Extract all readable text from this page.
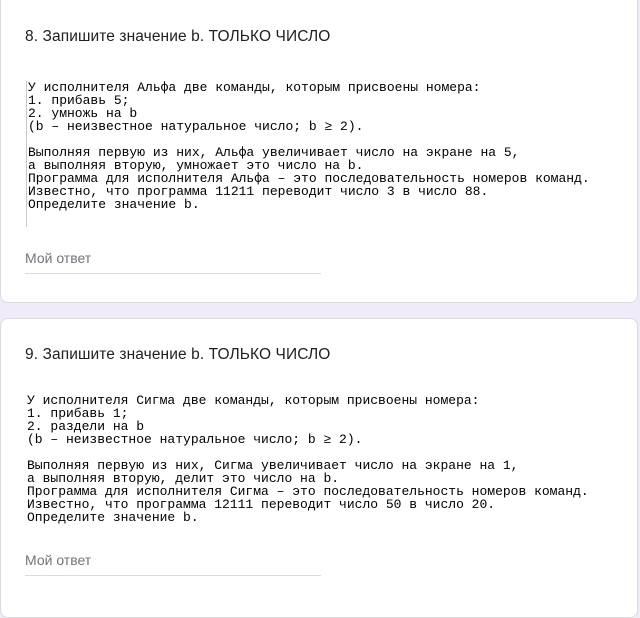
8. Запишите значение b. ТОЛЬКО ЧИСЛО
У исполнителя Альфа две команды, которым присвоены номера:
1. прибавь 5;
2. умножь на b
(b – неизвестное натуральное число; b ≥ 2).

Выполняя первую из них, Альфа увеличивает число на экране на 5,
а выполняя вторую, умножает это число на b.
Программа для исполнителя Альфа – это последовательность номеров команд.
Известно, что программа 11211 переводит число 3 в число 88.
Определите значение b.
Мой ответ
9. Запишите значение b. ТОЛЬКО ЧИСЛО
У исполнителя Сигма две команды, которым присвоены номера:
1. прибавь 1;
2. раздели на b
(b – неизвестное натуральное число; b ≥ 2).

Выполняя первую из них, Сигма увеличивает число на экране на 1,
а выполняя вторую, делит это число на b.
Программа для исполнителя Сигма – это последовательность номеров команд.
Известно, что программа 12111 переводит число 50 в число 20.
Определите значение b.
Мой ответ
